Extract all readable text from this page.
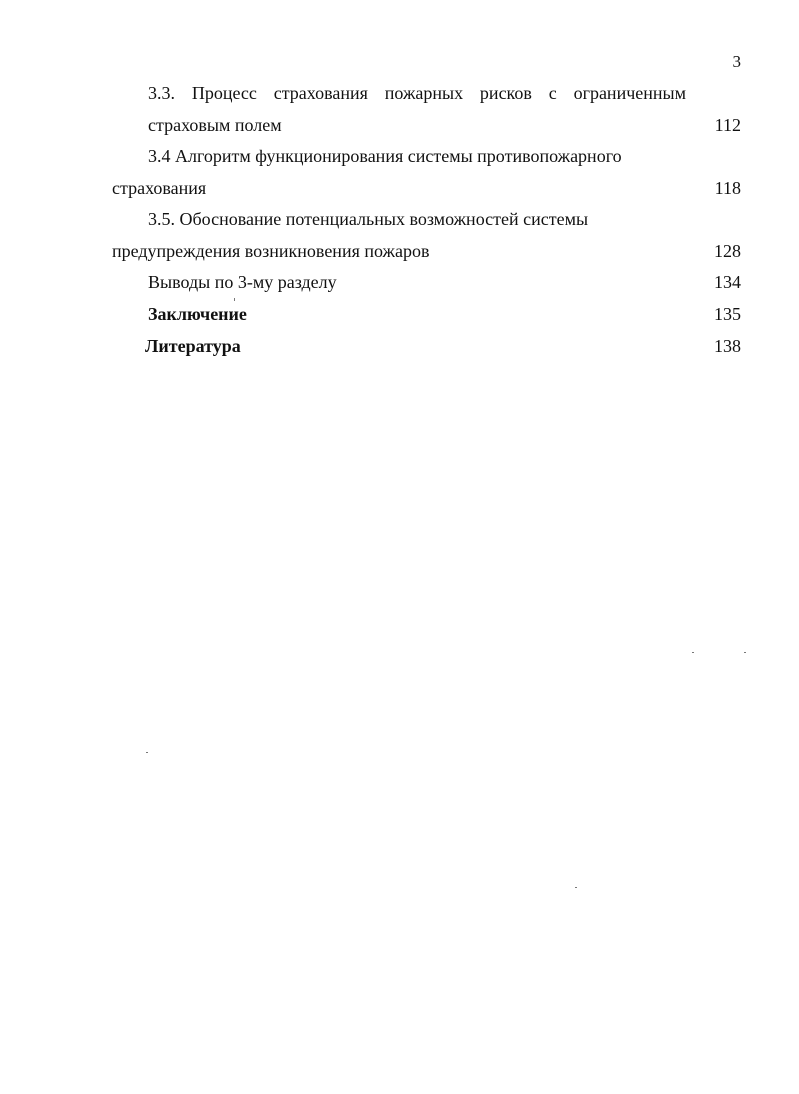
3
3.3. Процесс страхования пожарных рисков с ограниченным
страховым полем	112
3.4 Алгоритм функционирования системы противопожарного
страхования	118
3.5. Обоснование потенциальных возможностей системы
предупреждения возникновения пожаров	128
Выводы по 3-му разделу	134
Заключение	135
Литература	138
